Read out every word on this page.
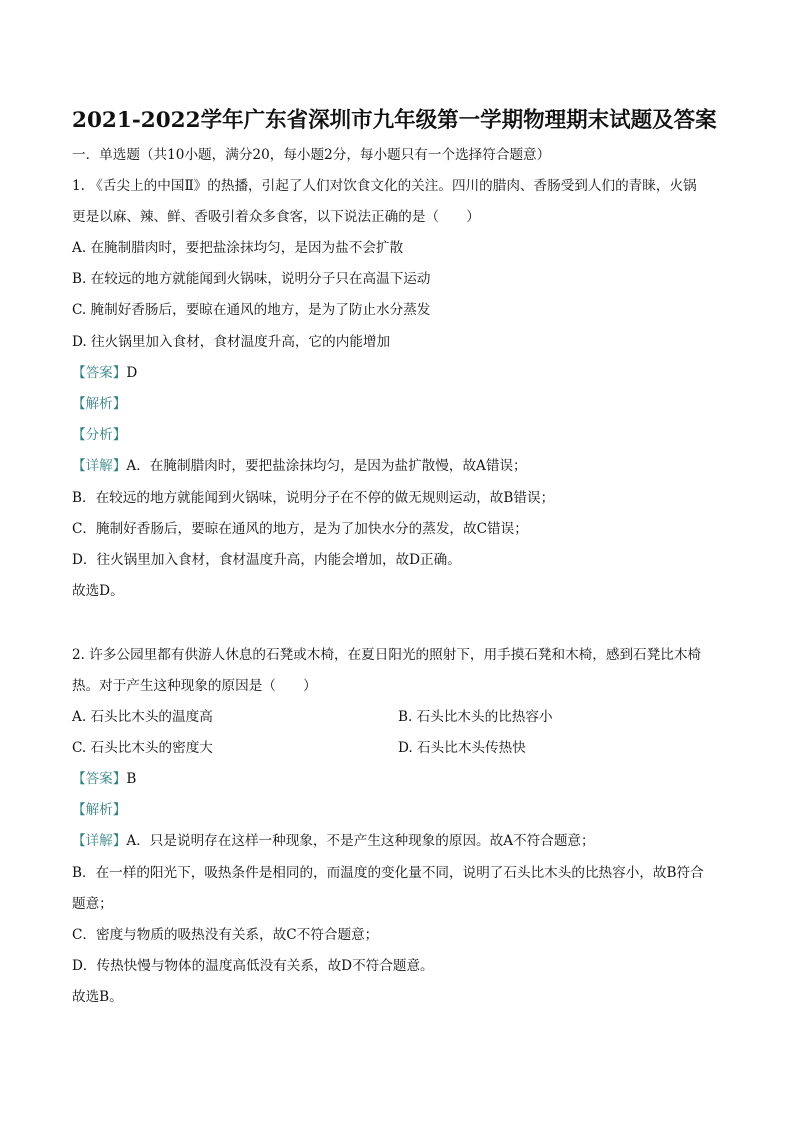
2021-2022学年广东省深圳市九年级第一学期物理期末试题及答案
一．单选题（共10小题，满分20，每小题2分，每小题只有一个选择符合题意）
1. 《舌尖上的中国Ⅱ》的热播，引起了人们对饮食文化的关注。四川的腊肉、香肠受到人们的青睐，火锅
更是以麻、辣、鲜、香吸引着众多食客，以下说法正确的是（　　）
A. 在腌制腊肉时，要把盐涂抹均匀，是因为盐不会扩散
B. 在较远的地方就能闻到火锅味，说明分子只在高温下运动
C. 腌制好香肠后，要晾在通风的地方，是为了防止水分蒸发
D. 往火锅里加入食材，食材温度升高，它的内能增加
【答案】D
【解析】
【分析】
【详解】A．在腌制腊肉时，要把盐涂抹均匀，是因为盐扩散慢，故A错误；
B．在较远的地方就能闻到火锅味，说明分子在不停的做无规则运动，故B错误；
C．腌制好香肠后，要晾在通风的地方，是为了加快水分的蒸发，故C错误；
D．往火锅里加入食材，食材温度升高，内能会增加，故D正确。
故选D。
2. 许多公园里都有供游人休息的石凳或木椅，在夏日阳光的照射下，用手摸石凳和木椅，感到石凳比木椅
热。对于产生这种现象的原因是（　　）
A. 石头比木头的温度高	B. 石头比木头的比热容小
C. 石头比木头的密度大	D. 石头比木头传热快
【答案】B
【解析】
【详解】A．只是说明存在这样一种现象，不是产生这种现象的原因。故A不符合题意；
B．在一样的阳光下，吸热条件是相同的，而温度的变化量不同，说明了石头比木头的比热容小，故B符合
题意；
C．密度与物质的吸热没有关系，故C不符合题意；
D．传热快慢与物体的温度高低没有关系，故D不符合题意。
故选B。
